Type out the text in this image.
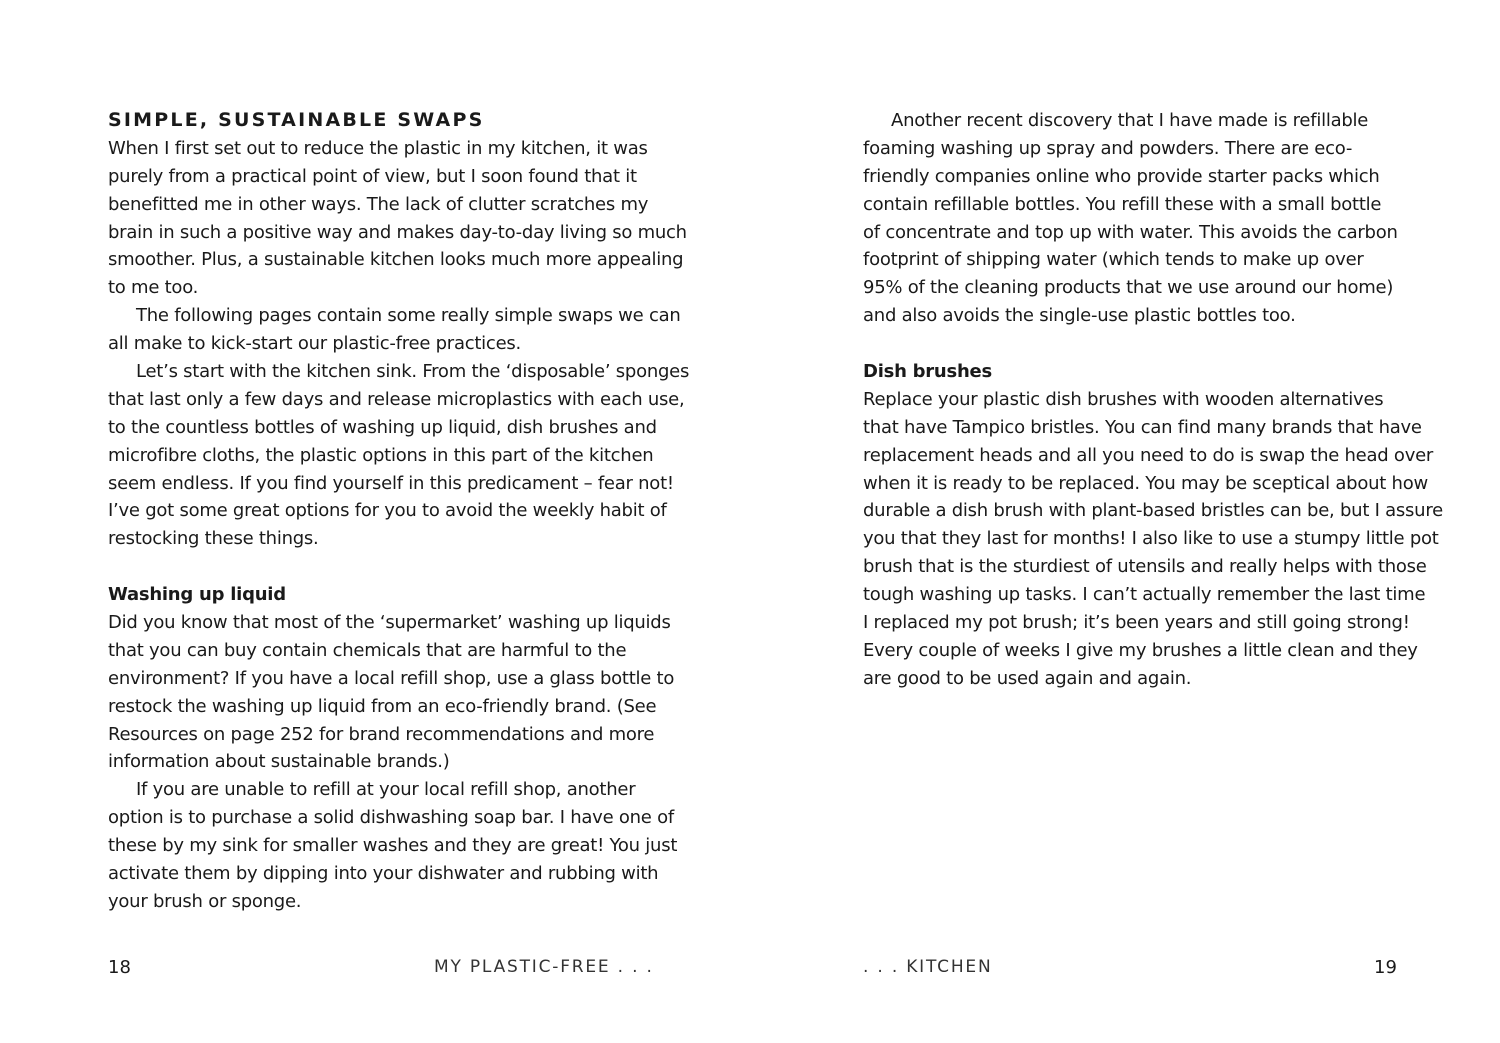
SIMPLE, SUSTAINABLE SWAPS
When I first set out to reduce the plastic in my kitchen, it was
purely from a practical point of view, but I soon found that it
benefitted me in other ways. The lack of clutter scratches my
brain in such a positive way and makes day-to-day living so much
smoother. Plus, a sustainable kitchen looks much more appealing
to me too.
The following pages contain some really simple swaps we can
all make to kick-start our plastic-free practices.
Let’s start with the kitchen sink. From the ‘disposable’ sponges
that last only a few days and release microplastics with each use,
to the countless bottles of washing up liquid, dish brushes and
microfibre cloths, the plastic options in this part of the kitchen
seem endless. If you find yourself in this predicament – fear not!
I’ve got some great options for you to avoid the weekly habit of
restocking these things.
Washing up liquid
Did you know that most of the ‘supermarket’ washing up liquids
that you can buy contain chemicals that are harmful to the
environment? If you have a local refill shop, use a glass bottle to
restock the washing up liquid from an eco-friendly brand. (See
Resources on page 252 for brand recommendations and more
information about sustainable brands.)
If you are unable to refill at your local refill shop, another
option is to purchase a solid dishwashing soap bar. I have one of
these by my sink for smaller washes and they are great! You just
activate them by dipping into your dishwater and rubbing with
your brush or sponge.
18	MY PLASTIC-FREE . . .
Another recent discovery that I have made is refillable
foaming washing up spray and powders. There are eco-
friendly companies online who provide starter packs which
contain refillable bottles. You refill these with a small bottle
of concentrate and top up with water. This avoids the carbon
footprint of shipping water (which tends to make up over
95% of the cleaning products that we use around our home)
and also avoids the single-use plastic bottles too.
Dish brushes
Replace your plastic dish brushes with wooden alternatives
that have Tampico bristles. You can find many brands that have
replacement heads and all you need to do is swap the head over
when it is ready to be replaced. You may be sceptical about how
durable a dish brush with plant-based bristles can be, but I assure
you that they last for months! I also like to use a stumpy little pot
brush that is the sturdiest of utensils and really helps with those
tough washing up tasks. I can’t actually remember the last time
I replaced my pot brush; it’s been years and still going strong!
Every couple of weeks I give my brushes a little clean and they
are good to be used again and again.
. . . KITCHEN	19
